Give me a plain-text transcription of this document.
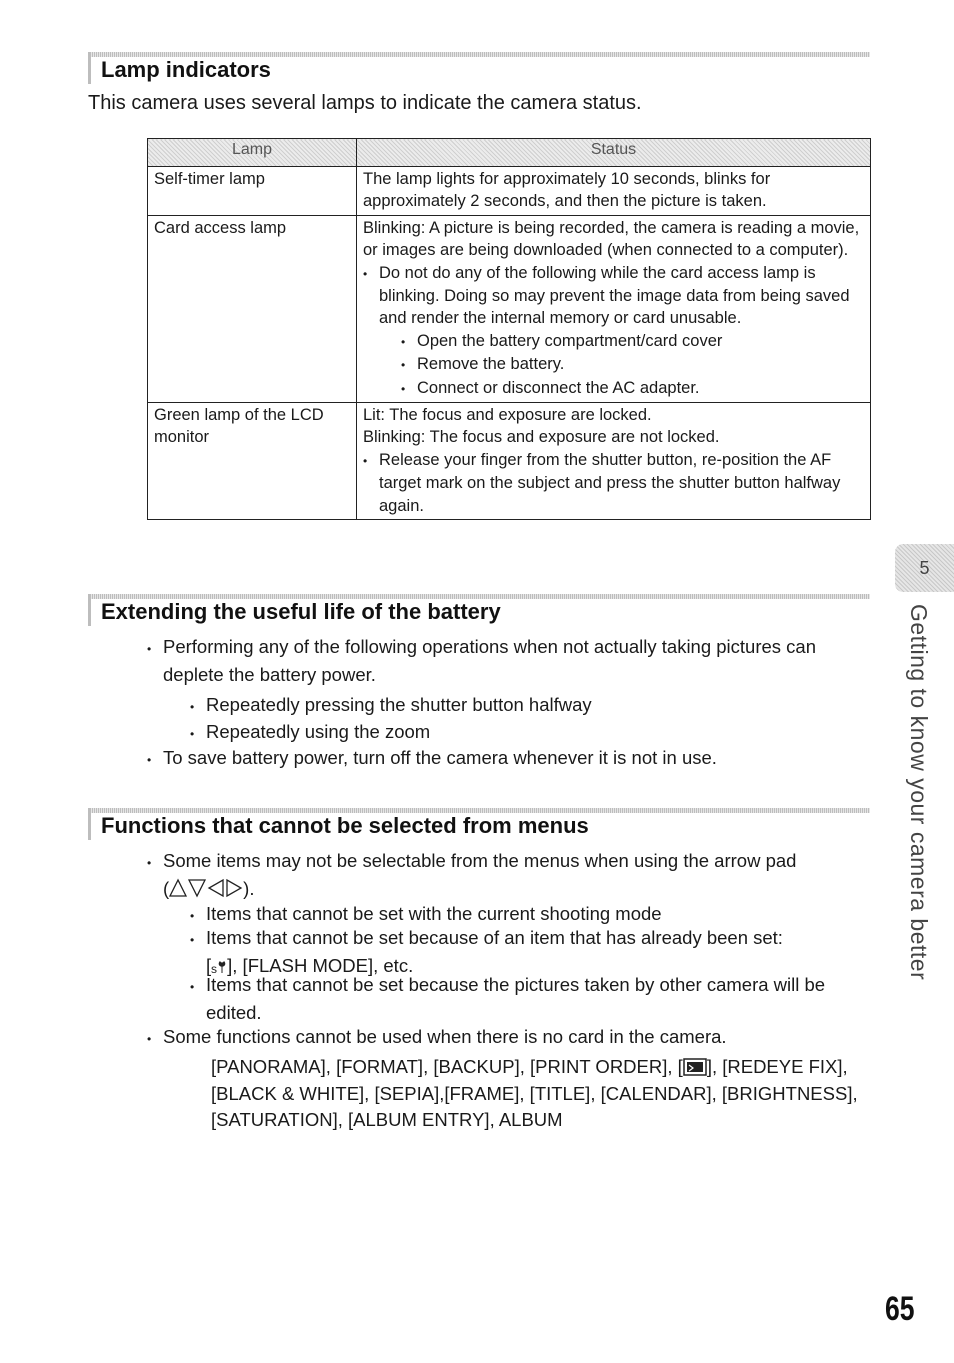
Lamp indicators
This camera uses several lamps to indicate the camera status.
Lamp	Status
Self-timer lamp	The lamp lights for approximately 10 seconds, blinks for approximately 2 seconds, and then the picture is taken.

Card access lamp	Blinking: A picture is being recorded, the camera is reading a movie, or images are being downloaded (when connected to a computer).
• Do not do any of the following while the card access lamp is blinking. Doing so may prevent the image data from being saved and render the internal memory or card unusable.
• Open the battery compartment/card cover
• Remove the battery.
• Connect or disconnect the AC adapter.

Green lamp of the LCD monitor	Lit: The focus and exposure are locked.
Blinking: The focus and exposure are not locked.
• Release your finger from the shutter button, re-position the AF target mark on the subject and press the shutter button halfway again.
Extending the useful life of the battery
• Performing any of the following operations when not actually taking pictures can deplete the battery power.
• Repeatedly pressing the shutter button halfway
• Repeatedly using the zoom
• To save battery power, turn off the camera whenever it is not in use.
Functions that cannot be selected from menus
• Some items may not be selectable from the menus when using the arrow pad
(	).
• Items that cannot be set with the current shooting mode
• Items that cannot be set because of an item that has already been set:
[ s ], [FLASH MODE], etc.
• Items that cannot be set because the pictures taken by other camera will be edited.
• Some functions cannot be used when there is no card in the camera.
[PANORAMA], [FORMAT], [BACKUP], [PRINT ORDER], [ ], [REDEYE FIX], [BLACK & WHITE], [SEPIA],[FRAME], [TITLE], [CALENDAR], [BRIGHTNESS], [SATURATION], [ALBUM ENTRY], ALBUM
5
Getting to know your camera better
65
